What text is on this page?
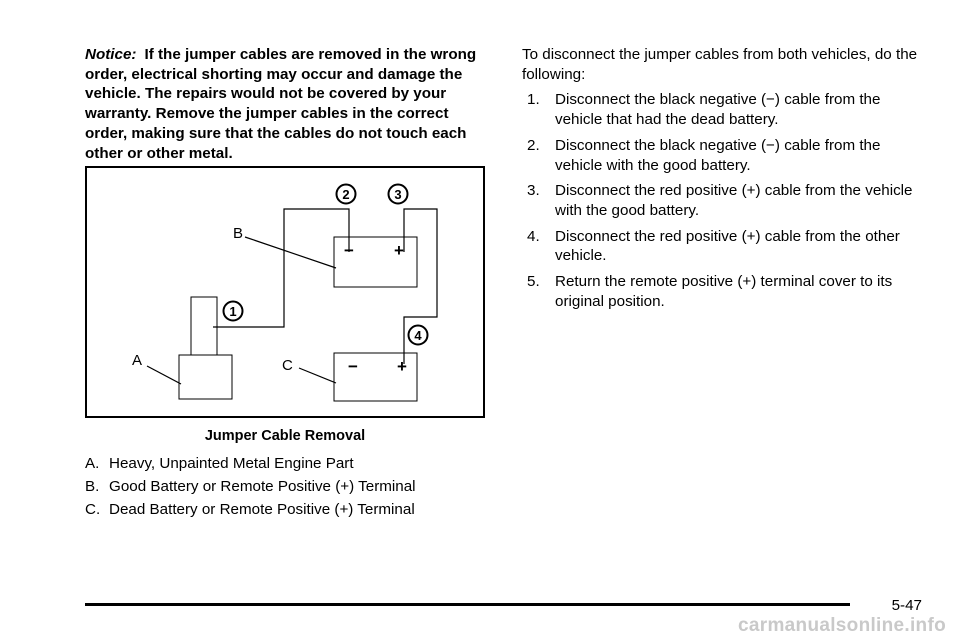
Notice: If the jumper cables are removed in the wrong order, electrical shorting may occur and damage the vehicle. The repairs would not be covered by your warranty. Remove the jumper cables in the correct order, making sure that the cables do not touch each other or other metal.

A
B
C
− +
− +
1
2	3
4

Jumper Cable Removal

A. Heavy, Unpainted Metal Engine Part
B. Good Battery or Remote Positive (+) Terminal
C. Dead Battery or Remote Positive (+) Terminal

To disconnect the jumper cables from both vehicles, do the following:

1. Disconnect the black negative (−) cable from the vehicle that had the dead battery.
2. Disconnect the black negative (−) cable from the vehicle with the good battery.
3. Disconnect the red positive (+) cable from the vehicle with the good battery.
4. Disconnect the red positive (+) cable from the other vehicle.
5. Return the remote positive (+) terminal cover to its original position.
5-47
carmanualsonline.info
